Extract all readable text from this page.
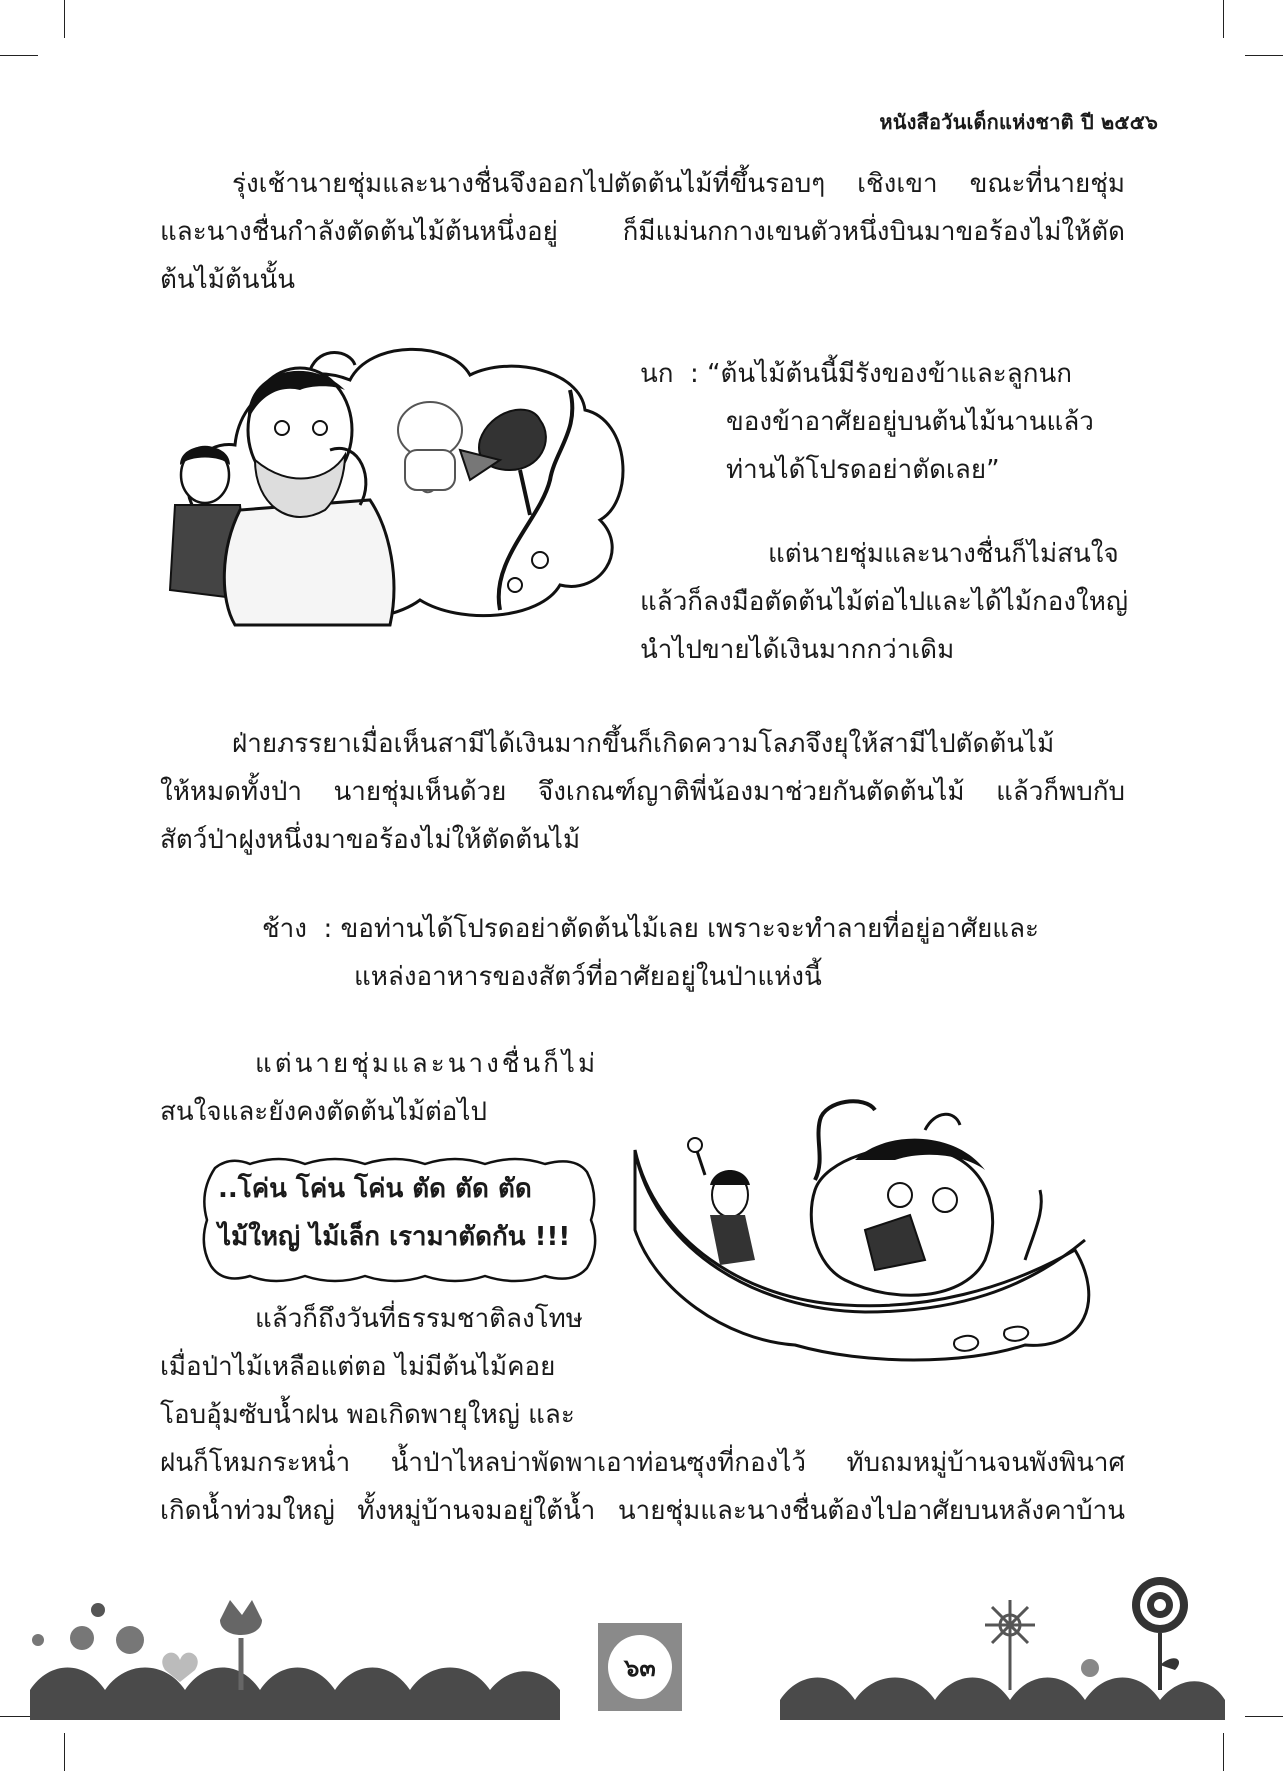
หนังสือวันเด็กแห่งชาติ ปี ๒๕๕๖
รุ่งเช้านายชุ่มและนางชื่นจึงออกไปตัดต้นไม้ที่ขึ้นรอบๆ เชิงเขา ขณะที่นายชุ่ม
และนางชื่นกำลังตัดต้นไม้ต้นหนึ่งอยู่ ก็มีแม่นกกางเขนตัวหนึ่งบินมาขอร้องไม่ให้ตัด
ต้นไม้ต้นนั้น
นก : “ต้นไม้ต้นนี้มีรังของข้าและลูกนก
ของข้าอาศัยอยู่บนต้นไม้นานแล้ว
ท่านได้โปรดอย่าตัดเลย”
แต่นายชุ่มและนางชื่นก็ไม่สนใจ
แล้วก็ลงมือตัดต้นไม้ต่อไปและได้ไม้กองใหญ่
นำไปขายได้เงินมากกว่าเดิม
ฝ่ายภรรยาเมื่อเห็นสามีได้เงินมากขึ้นก็เกิดความโลภจึงยุให้สามีไปตัดต้นไม้
ให้หมดทั้งป่า นายชุ่มเห็นด้วย จึงเกณฑ์ญาติพี่น้องมาช่วยกันตัดต้นไม้ แล้วก็พบกับ
สัตว์ป่าฝูงหนึ่งมาขอร้องไม่ให้ตัดต้นไม้
ช้าง : ขอท่านได้โปรดอย่าตัดต้นไม้เลย เพราะจะทำลายที่อยู่อาศัยและ
แหล่งอาหารของสัตว์ที่อาศัยอยู่ในป่าแห่งนี้
แต่นายชุ่มและนางชื่นก็ไม่
สนใจและยังคงตัดต้นไม้ต่อไป
..โค่น โค่น โค่น ตัด ตัด ตัด
ไม้ใหญ่ ไม้เล็ก เรามาตัดกัน !!!
แล้วก็ถึงวันที่ธรรมชาติลงโทษ
เมื่อป่าไม้เหลือแต่ตอ ไม่มีต้นไม้คอย
โอบอุ้มซับน้ำฝน พอเกิดพายุใหญ่ และ
ฝนก็โหมกระหน่ำ น้ำป่าไหลบ่าพัดพาเอาท่อนซุงที่กองไว้ ทับถมหมู่บ้านจนพังพินาศ
เกิดน้ำท่วมใหญ่ ทั้งหมู่บ้านจมอยู่ใต้น้ำ นายชุ่มและนางชื่นต้องไปอาศัยบนหลังคาบ้าน
๖๓
